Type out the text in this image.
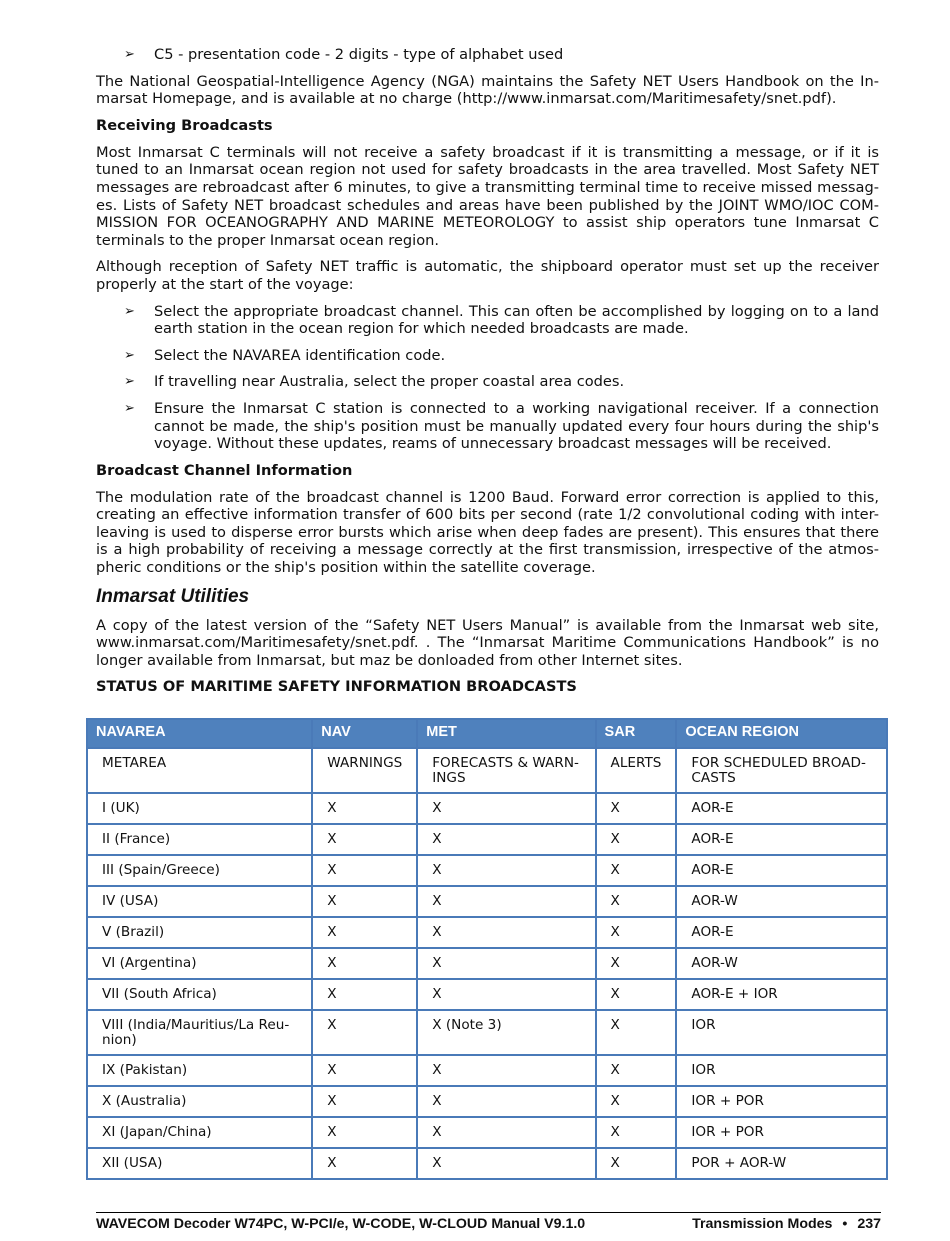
➢ C5 - presentation code - 2 digits - type of alphabet used

The National Geospatial-Intelligence Agency (NGA) maintains the Safety NET Users Handbook on the In-marsat Homepage, and is available at no charge (http://www.inmarsat.com/Maritimesafety/snet.pdf).

Receiving Broadcasts

Most Inmarsat C terminals will not receive a safety broadcast if it is transmitting a message, or if it is tuned to an Inmarsat ocean region not used for safety broadcasts in the area travelled. Most Safety NET messages are rebroadcast after 6 minutes, to give a transmitting terminal time to receive missed messag-es. Lists of Safety NET broadcast schedules and areas have been published by the JOINT WMO/IOC COM-MISSION FOR OCEANOGRAPHY AND MARINE METEOROLOGY to assist ship operators tune Inmarsat C terminals to the proper Inmarsat ocean region.

Although reception of Safety NET traffic is automatic, the shipboard operator must set up the receiver properly at the start of the voyage:

➢ Select the appropriate broadcast channel. This can often be accomplished by logging on to a land earth station in the ocean region for which needed broadcasts are made.
➢ Select the NAVAREA identification code.
➢ If travelling near Australia, select the proper coastal area codes.
➢ Ensure the Inmarsat C station is connected to a working navigational receiver. If a connection cannot be made, the ship's position must be manually updated every four hours during the ship's voyage. Without these updates, reams of unnecessary broadcast messages will be received.
Broadcast Channel Information

The modulation rate of the broadcast channel is 1200 Baud. Forward error correction is applied to this, creating an effective information transfer of 600 bits per second (rate 1/2 convolutional coding with inter-leaving is used to disperse error bursts which arise when deep fades are present). This ensures that there is a high probability of receiving a message correctly at the first transmission, irrespective of the atmos-pheric conditions or the ship's position within the satellite coverage.

Inmarsat Utilities

A copy of the latest version of the “Safety NET Users Manual” is available from the Inmarsat web site, www.inmarsat.com/Maritimesafety/snet.pdf. . The “Inmarsat Maritime Communications Handbook” is no longer available from Inmarsat, but maz be donloaded from other Internet sites.

STATUS OF MARITIME SAFETY INFORMATION BROADCASTS
NAVAREA	NAV	MET	SAR	OCEAN REGION
METAREA	WARNINGS	FORECASTS & WARN-INGS	ALERTS	FOR SCHEDULED BROAD-CASTS
I (UK)	X	X	X	AOR-E
II (France)	X	X	X	AOR-E
III (Spain/Greece)	X	X	X	AOR-E
IV (USA)	X	X	X	AOR-W
V (Brazil)	X	X	X	AOR-E
VI (Argentina)	X	X	X	AOR-W
VII (South Africa)	X	X	X	AOR-E + IOR
VIII (India/Mauritius/La Reu-nion)	X	X (Note 3)	X	IOR
IX (Pakistan)	X	X	X	IOR
X (Australia)	X	X	X	IOR + POR
XI (Japan/China)	X	X	X	IOR + POR
XII (USA)	X	X	X	POR + AOR-W
WAVECOM Decoder W74PC, W-PCI/e, W-CODE, W-CLOUD Manual V9.1.0	Transmission Modes • 237
